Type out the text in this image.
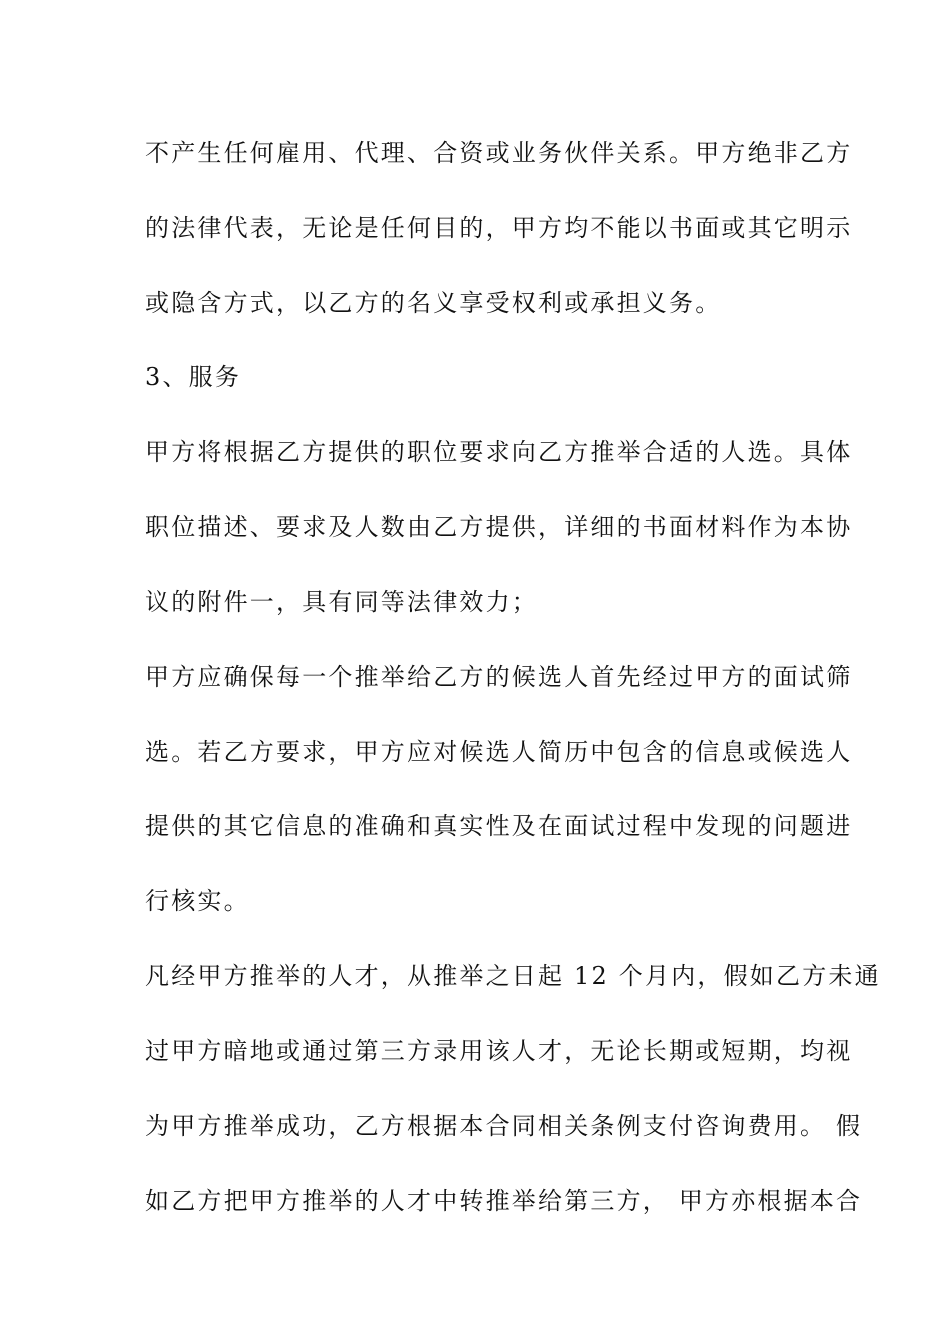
不产生任何雇用、代理、合资或业务伙伴关系。甲方绝非乙方
的法律代表，无论是任何目的，甲方均不能以书面或其它明示
或隐含方式，以乙方的名义享受权利或承担义务。
3、服务
甲方将根据乙方提供的职位要求向乙方推举合适的人选。具体
职位描述、要求及人数由乙方提供，详细的书面材料作为本协
议的附件一，具有同等法律效力；
甲方应确保每一个推举给乙方的候选人首先经过甲方的面试筛
选。若乙方要求，甲方应对候选人简历中包含的信息或候选人
提供的其它信息的准确和真实性及在面试过程中发现的问题进
行核实。
凡经甲方推举的人才，从推举之日起 12 个月内，假如乙方未通
过甲方暗地或通过第三方录用该人才，无论长期或短期，均视
为甲方推举成功，乙方根据本合同相关条例支付咨询费用。 假
如乙方把甲方推举的人才中转推举给第三方， 甲方亦根据本合
